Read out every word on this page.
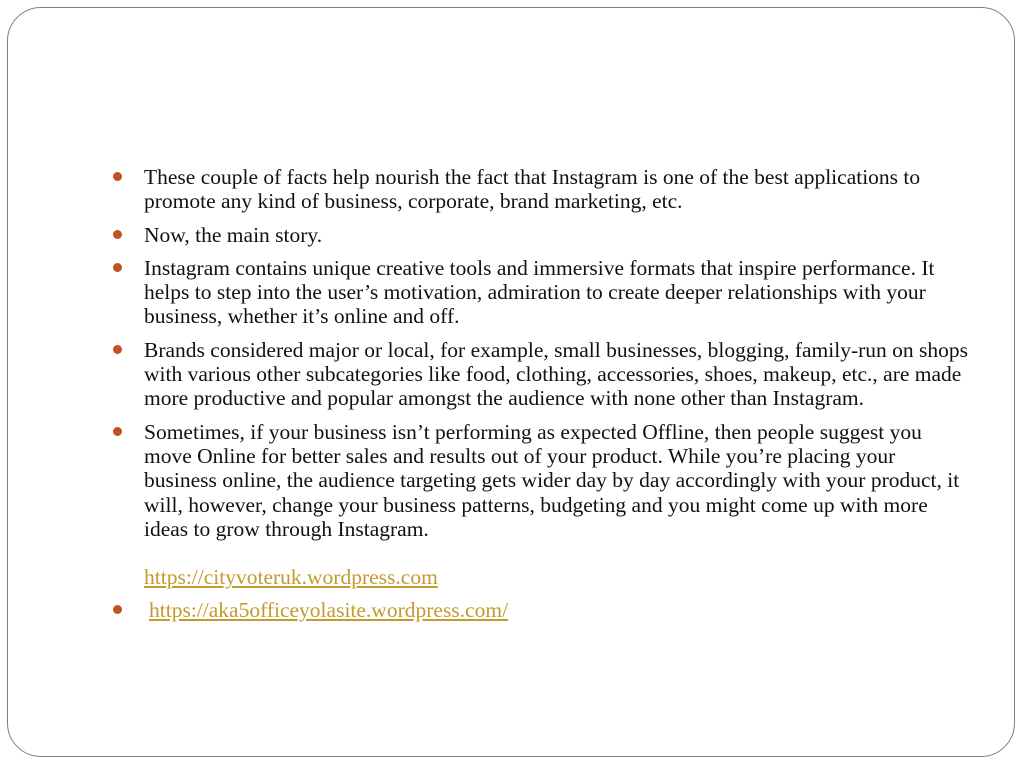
These couple of facts help nourish the fact that Instagram is one of the best applications to promote any kind of business, corporate, brand marketing, etc.
Now, the main story.
Instagram contains unique creative tools and immersive formats that inspire performance. It helps to step into the user’s motivation, admiration to create deeper relationships with your business, whether it’s online and off.
Brands considered major or local, for example, small businesses, blogging, family-run on shops with various other subcategories like food, clothing, accessories, shoes, makeup, etc., are made more productive and popular amongst the audience with none other than Instagram.
Sometimes, if your business isn’t performing as expected Offline, then people suggest you move Online for better sales and results out of your product. While you’re placing your business online, the audience targeting gets wider day by day accordingly with your product, it will, however, change your business patterns, budgeting and you might come up with more ideas to grow through Instagram.
https://cityvoteruk.wordpress.com
https://aka5officeyolasite.wordpress.com/
